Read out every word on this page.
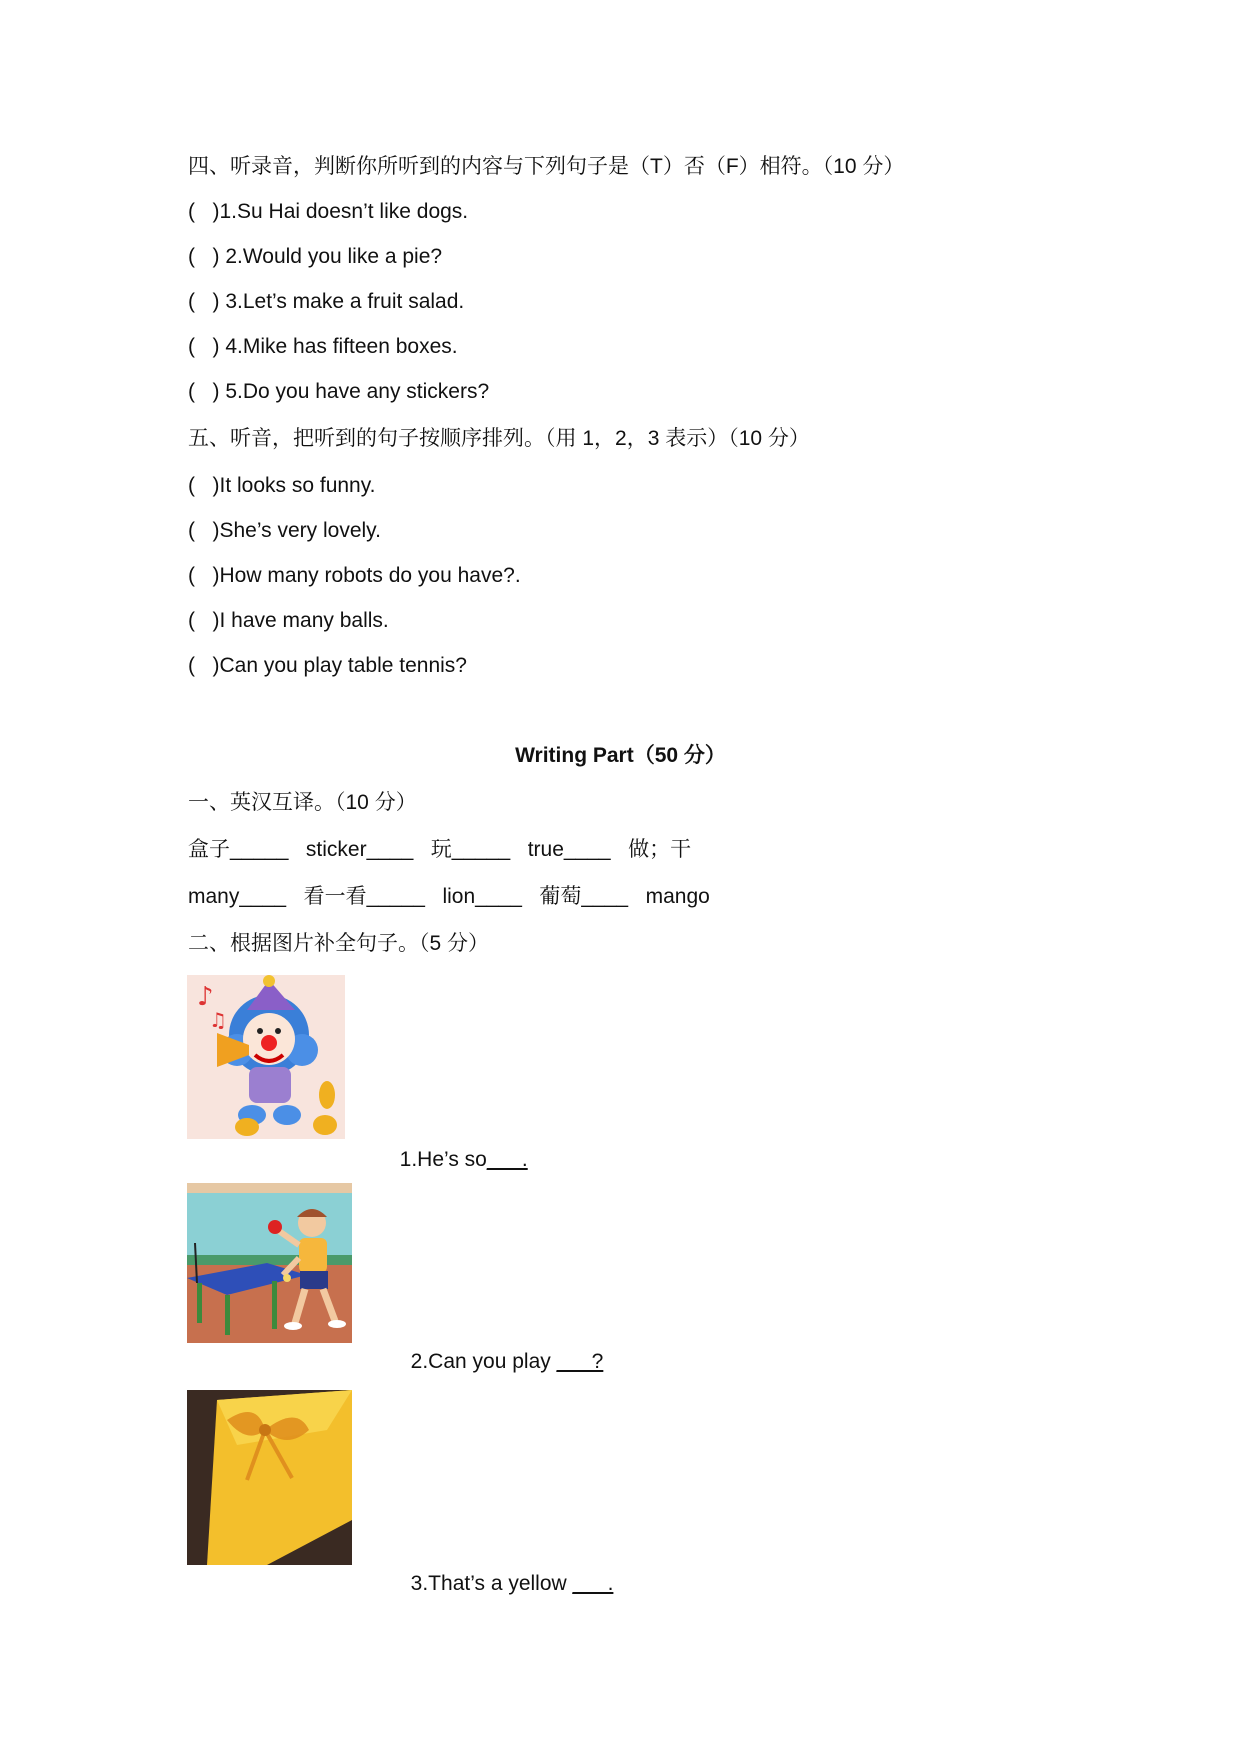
四、听录音，判断你所听到的内容与下列句子是（T）否（F）相符。（10 分）
(   )1.Su Hai doesn’t like dogs.
(   ) 2.Would you like a pie?
(   ) 3.Let’s make a fruit salad.
(   ) 4.Mike has fifteen boxes.
(   ) 5.Do you have any stickers?
五、听音，把听到的句子按顺序排列。（用 1，2，3 表示）（10 分）
(   )It looks so funny.
(   )She’s very lovely.
(   )How many robots do you have?.
(   )I have many balls.
(   )Can you play table tennis?
Writing Part（50 分）
一、英汉互译。（10 分）
盒子_____   sticker____   玩_____   true____   做；干
many____   看一看_____   lion____   葡萄____   mango
二、根据图片补全句子。（5 分）
♪
♫

1.He’s so___.

2.Can you play ___?

3.That’s a yellow ___.
